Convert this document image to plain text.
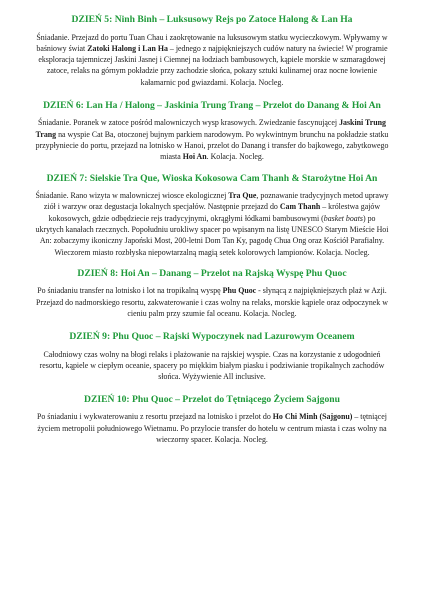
DZIEŃ 5: Ninh Binh – Luksusowy Rejs po Zatoce Halong & Lan Ha

Śniadanie. Przejazd do portu Tuan Chau i zaokrętowanie na luksusowym statku wycieczkowym. Wpływamy w baśniowy świat Zatoki Halong i Lan Ha – jednego z najpiękniejszych cudów natury na świecie! W programie eksploracja tajemniczej Jaskini Jasnej i Ciemnej na łodziach bambusowych, kąpiele morskie w szmaragdowej zatoce, relaks na górnym pokładzie przy zachodzie słońca, pokazy sztuki kulinarnej oraz nocne łowienie kałamarnic pod gwiazdami. Kolacja. Nocleg.

DZIEŃ 6: Lan Ha / Halong – Jaskinia Trung Trang – Przelot do Danang & Hoi An

Śniadanie. Poranek w zatoce pośród malowniczych wysp krasowych. Zwiedzanie fascynującej Jaskini Trung Trang na wyspie Cat Ba, otoczonej bujnym parkiem narodowym. Po wykwintnym brunchu na pokładzie statku przypłyniecie do portu, przejazd na lotnisko w Hanoi, przelot do Danang i transfer do bajkowego, zabytkowego miasta Hoi An. Kolacja. Nocleg.

DZIEŃ 7: Sielskie Tra Que, Wioska Kokosowa Cam Thanh & Starożytne Hoi An

Śniadanie. Rano wizyta w malowniczej wiosce ekologicznej Tra Que, poznawanie tradycyjnych metod uprawy ziół i warzyw oraz degustacja lokalnych specjałów. Następnie przejazd do Cam Thanh – królestwa gajów kokosowych, gdzie odbędziecie rejs tradycyjnymi, okrągłymi łódkami bambusowymi (basket boats) po ukrytych kanałach rzecznych. Popołudniu urokliwy spacer po wpisanym na listę UNESCO Starym Mieście Hoi An: zobaczymy ikoniczny Japoński Most, 200-letni Dom Tan Ky, pagodę Chua Ong oraz Kościół Parafialny. Wieczorem miasto rozbłyska niepowtarzalną magią setek kolorowych lampionów. Kolacja. Nocleg.

DZIEŃ 8: Hoi An – Danang – Przelot na Rajską Wyspę Phu Quoc

Po śniadaniu transfer na lotnisko i lot na tropikalną wyspę Phu Quoc - słynącą z najpiękniejszych plaż w Azji. Przejazd do nadmorskiego resortu, zakwaterowanie i czas wolny na relaks, morskie kąpiele oraz odpoczynek w cieniu palm przy szumie fal oceanu. Kolacja. Nocleg.

DZIEŃ 9: Phu Quoc – Rajski Wypoczynek nad Lazurowym Oceanem

Całodniowy czas wolny na błogi relaks i plażowanie na rajskiej wyspie. Czas na korzystanie z udogodnień resortu, kąpiele w ciepłym oceanie, spacery po miękkim białym piasku i podziwianie tropikalnych zachodów słońca. Wyżywienie All inclusive.

DZIEŃ 10: Phu Quoc – Przelot do Tętniącego Życiem Sajgonu

Po śniadaniu i wykwaterowaniu z resortu przejazd na lotnisko i przelot do Ho Chi Minh (Sajgonu) – tętniącej życiem metropolii południowego Wietnamu. Po przylocie transfer do hotelu w centrum miasta i czas wolny na wieczorny spacer. Kolacja. Nocleg.
